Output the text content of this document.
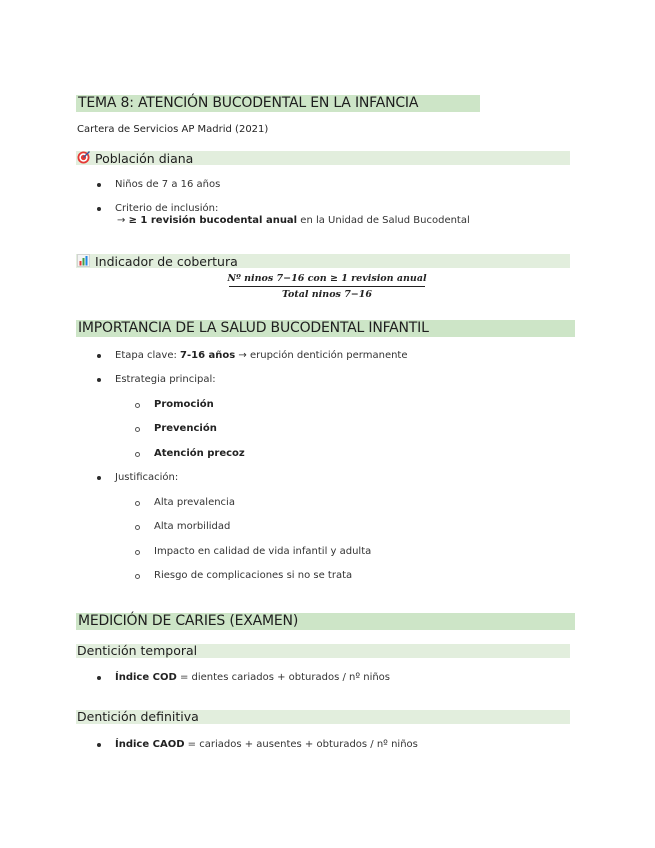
TEMA 8: ATENCIÓN BUCODENTAL EN LA INFANCIA
Cartera de Servicios AP Madrid (2021)
Población diana
Niños de 7 a 16 años
Criterio de inclusión:
→ ≥ 1 revisión bucodental anual en la Unidad de Salud Bucodental
Indicador de cobertura
Nº ninos 7−16 con ≥ 1 revision anual
Total ninos 7−16
IMPORTANCIA DE LA SALUD BUCODENTAL INFANTIL
Etapa clave: 7-16 años → erupción dentición permanente
Estrategia principal:
Promoción
Prevención
Atención precoz
Justificación:
Alta prevalencia
Alta morbilidad
Impacto en calidad de vida infantil y adulta
Riesgo de complicaciones si no se trata
MEDICIÓN DE CARIES (EXAMEN)
Dentición temporal
Índice COD = dientes cariados + obturados / nº niños
Dentición definitiva
Índice CAOD = cariados + ausentes + obturados / nº niños
